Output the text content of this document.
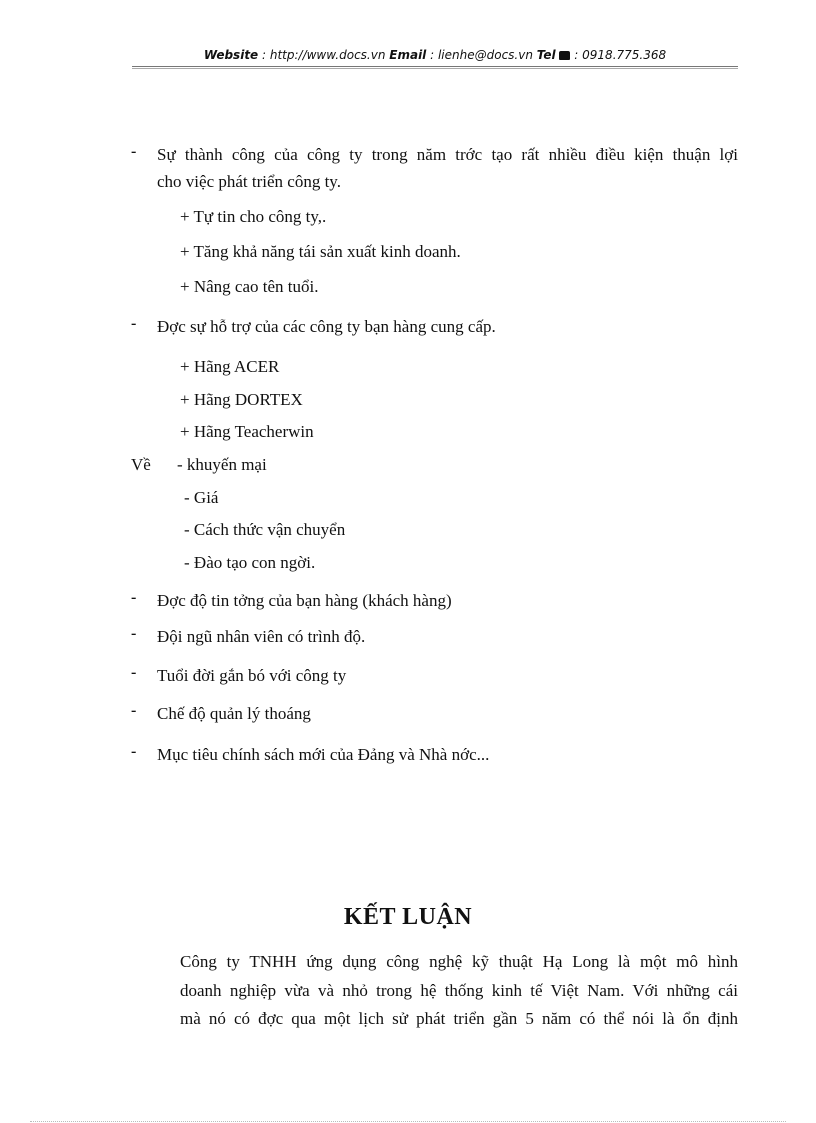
Website : http://www.docs.vn Email : lienhe@docs.vn Tel  : 0918.775.368
- Sự thành công của công ty trong năm trớc tạo rất nhiều điều kiện thuận lợi
cho việc phát triển công ty.
+ Tự tin cho công ty,.
+ Tăng khả năng tái sản xuất kinh doanh.
+ Nâng cao tên tuổi.
- Đợc sự hỗ trợ của các công ty bạn hàng cung cấp.
+ Hãng ACER
+ Hãng DORTEX
+ Hãng Teacherwin
Về - khuyến mại
- Giá
- Cách thức vận chuyển
- Đào tạo con ngời.
- Đợc độ tin tởng của bạn hàng (khách hàng)
- Đội ngũ nhân viên có trình độ.
- Tuổi đời gắn bó với công ty
- Chế độ quản lý thoáng
- Mục tiêu chính sách mới của Đảng và Nhà nớc...
KẾT LUẬN
Công ty TNHH ứng dụng công nghệ kỹ thuật Hạ Long là một mô hình
doanh nghiệp vừa và nhỏ trong hệ thống kinh tế Việt Nam. Với những cái
mà nó có đợc qua một lịch sử phát triển gần 5 năm có thể nói là ổn định
